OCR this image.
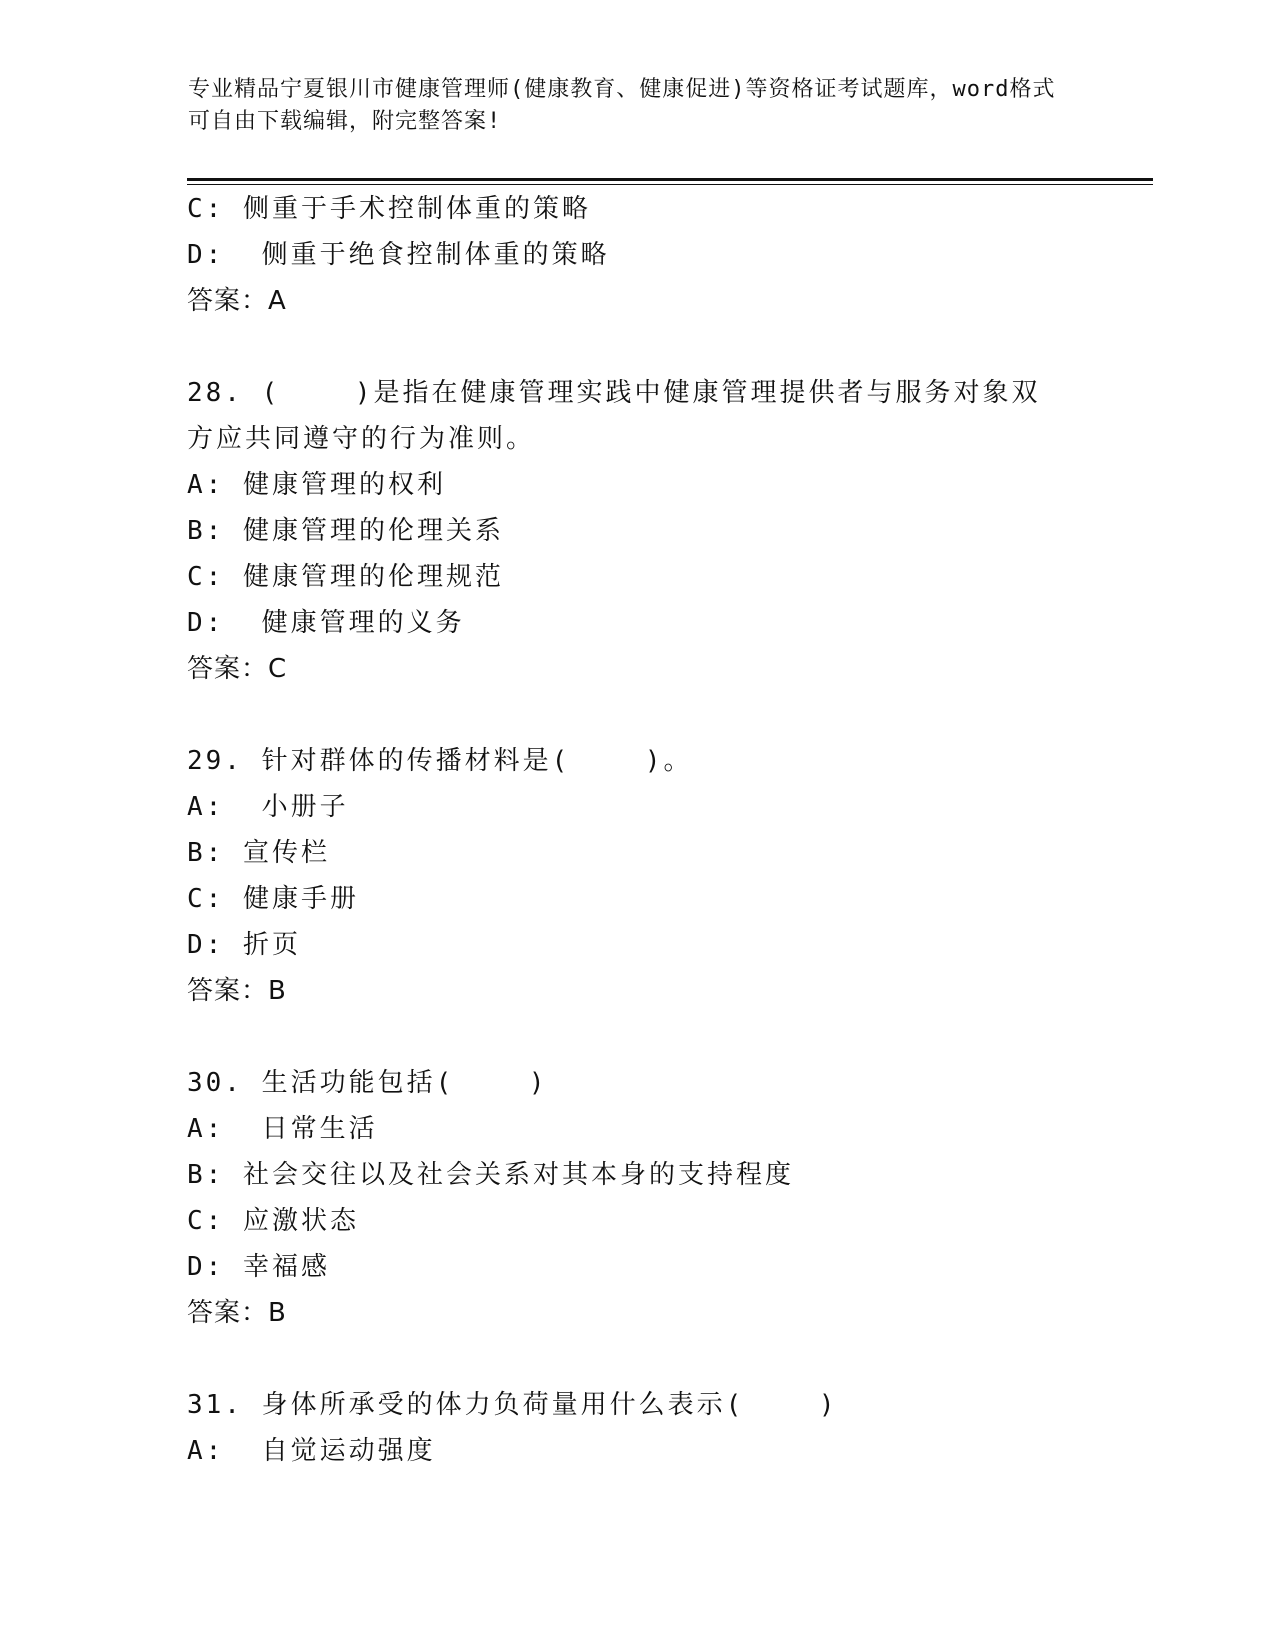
专业精品宁夏银川市健康管理师(健康教育、健康促进)等资格证考试题库，word格式可自由下载编辑，附完整答案!
C: 侧重于手术控制体重的策略
D:  侧重于绝食控制体重的策略
答案：A
28. (    )是指在健康管理实践中健康管理提供者与服务对象双方应共同遵守的行为准则。
A: 健康管理的权利
B: 健康管理的伦理关系
C: 健康管理的伦理规范
D:  健康管理的义务
答案：C
29. 针对群体的传播材料是(    )。
A:  小册子
B: 宣传栏
C: 健康手册
D: 折页
答案：B
30. 生活功能包括(    )
A:  日常生活
B: 社会交往以及社会关系对其本身的支持程度
C: 应激状态
D: 幸福感
答案：B
31. 身体所承受的体力负荷量用什么表示(    )
A:  自觉运动强度
